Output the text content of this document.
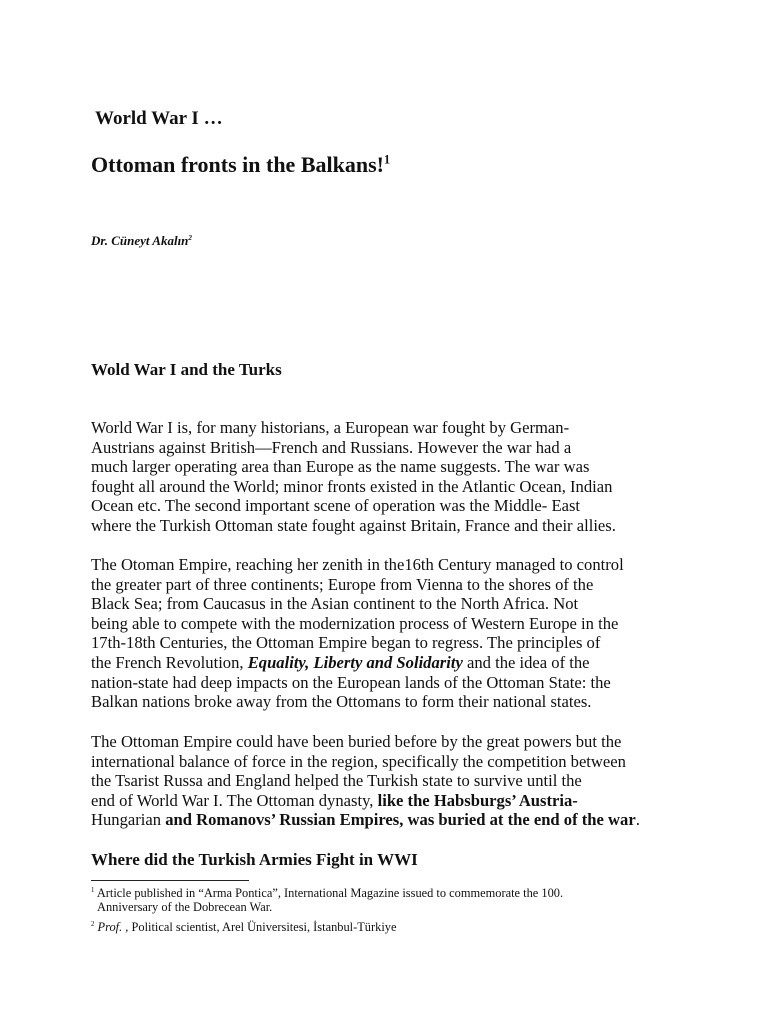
World War I …
Ottoman fronts in the Balkans!$^1$
Dr. Cüneyt Akalın$^2$
Wold War I and the Turks
World War I is, for many historians, a European war fought by German-
Austrians against British—French and Russians. However the war had a
much larger operating area than Europe as the name suggests. The war was
fought all around the World; minor fronts existed in the Atlantic Ocean, Indian
Ocean etc. The second important scene of operation was the Middle- East
where the Turkish Ottoman state fought against Britain, France and their allies.
The Otoman Empire, reaching her zenith in the16th Century managed to control
the greater part of three continents; Europe from Vienna to the shores of the
Black Sea; from Caucasus in the Asian continent to the North Africa. Not
being able to compete with the modernization process of Western Europe in the
17th-18th Centuries, the Ottoman Empire began to regress. The principles of
the French Revolution, Equality, Liberty and Solidarity and the idea of the
nation-state had deep impacts on the European lands of the Ottoman State: the
Balkan nations broke away from the Ottomans to form their national states.
The Ottoman Empire could have been buried before by the great powers but the
international balance of force in the region, specifically the competition between
the Tsarist Russa and England helped the Turkish state to survive until the
end of World War I. The Ottoman dynasty, like the Habsburgs’ Austria-
Hungarian and Romanovs’ Russian Empires, was buried at the end of the war.
Where did the Turkish Armies Fight in WWI
$^1$ Article published in “Arma Pontica”, International Magazine issued to commemorate the 100.
Anniversary of the Dobrecean War.
$^2$ Prof. , Political scientist, Arel Üniversitesi, İstanbul-Türkiye
